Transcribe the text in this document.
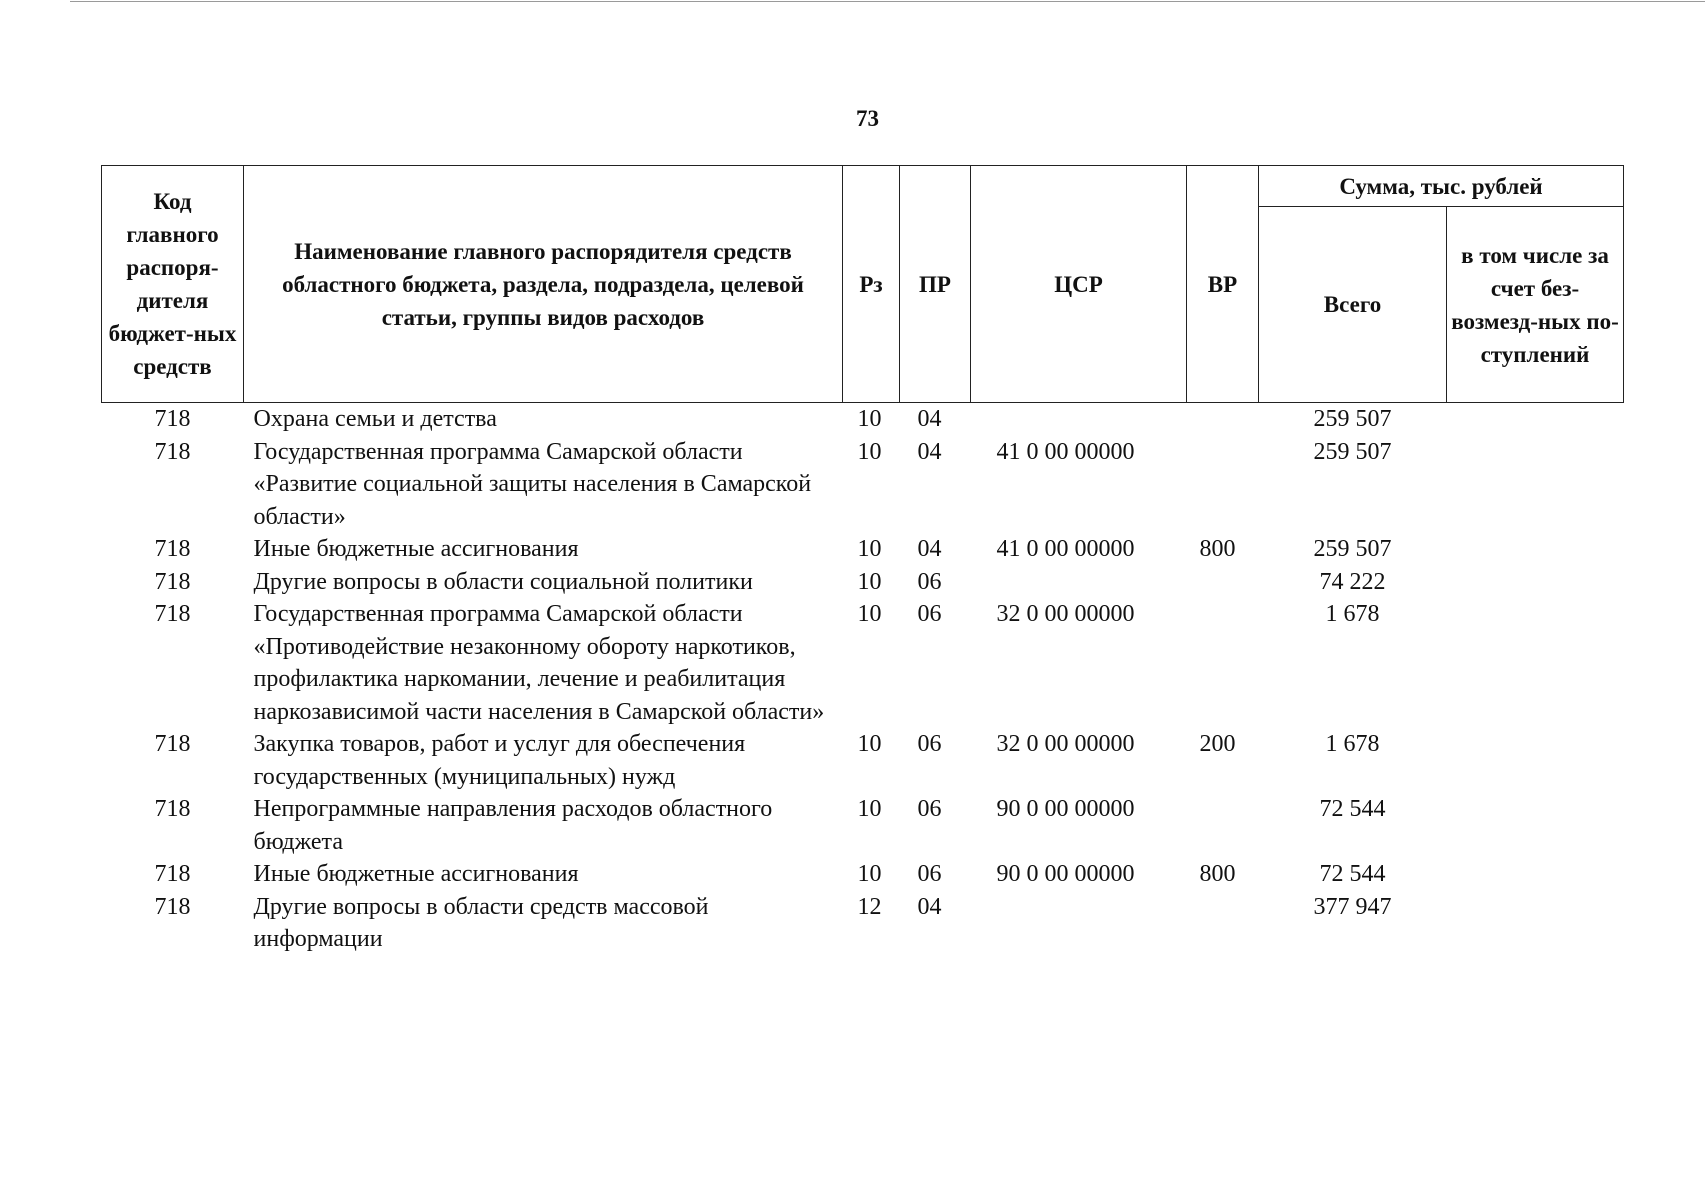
73
Код главного распоря-дителя бюджет-ных средств	Наименование главного распорядителя средств областного бюджета, раздела, подраздела, целевой статьи, группы видов расходов	Рз	ПР	ЦСР	ВР	Сумма, тыс. рублей	
						Всего	в том числе за счет без-возмезд-ных по-ступлений
718	Охрана семьи и детства	10	04			259 507	
718	Государственная программа Самарской области «Развитие социальной защиты населения в Самарской области»	10	04	41 0 00 00000		259 507	
718	Иные бюджетные ассигнования	10	04	41 0 00 00000	800	259 507	
718	Другие вопросы в области социальной политики	10	06			74 222	
718	Государственная программа Самарской области «Противодействие незаконному обороту наркотиков, профилактика наркомании, лечение и реабилитация наркозависимой части населения в Самарской области»	10	06	32 0 00 00000		1 678	
718	Закупка товаров, работ и услуг для обеспечения государственных (муниципальных) нужд	10	06	32 0 00 00000	200	1 678	
718	Непрограммные направления расходов областного бюджета	10	06	90 0 00 00000		72 544	
718	Иные бюджетные ассигнования	10	06	90 0 00 00000	800	72 544	
718	Другие вопросы в области средств массовой информации	12	04			377 947	
